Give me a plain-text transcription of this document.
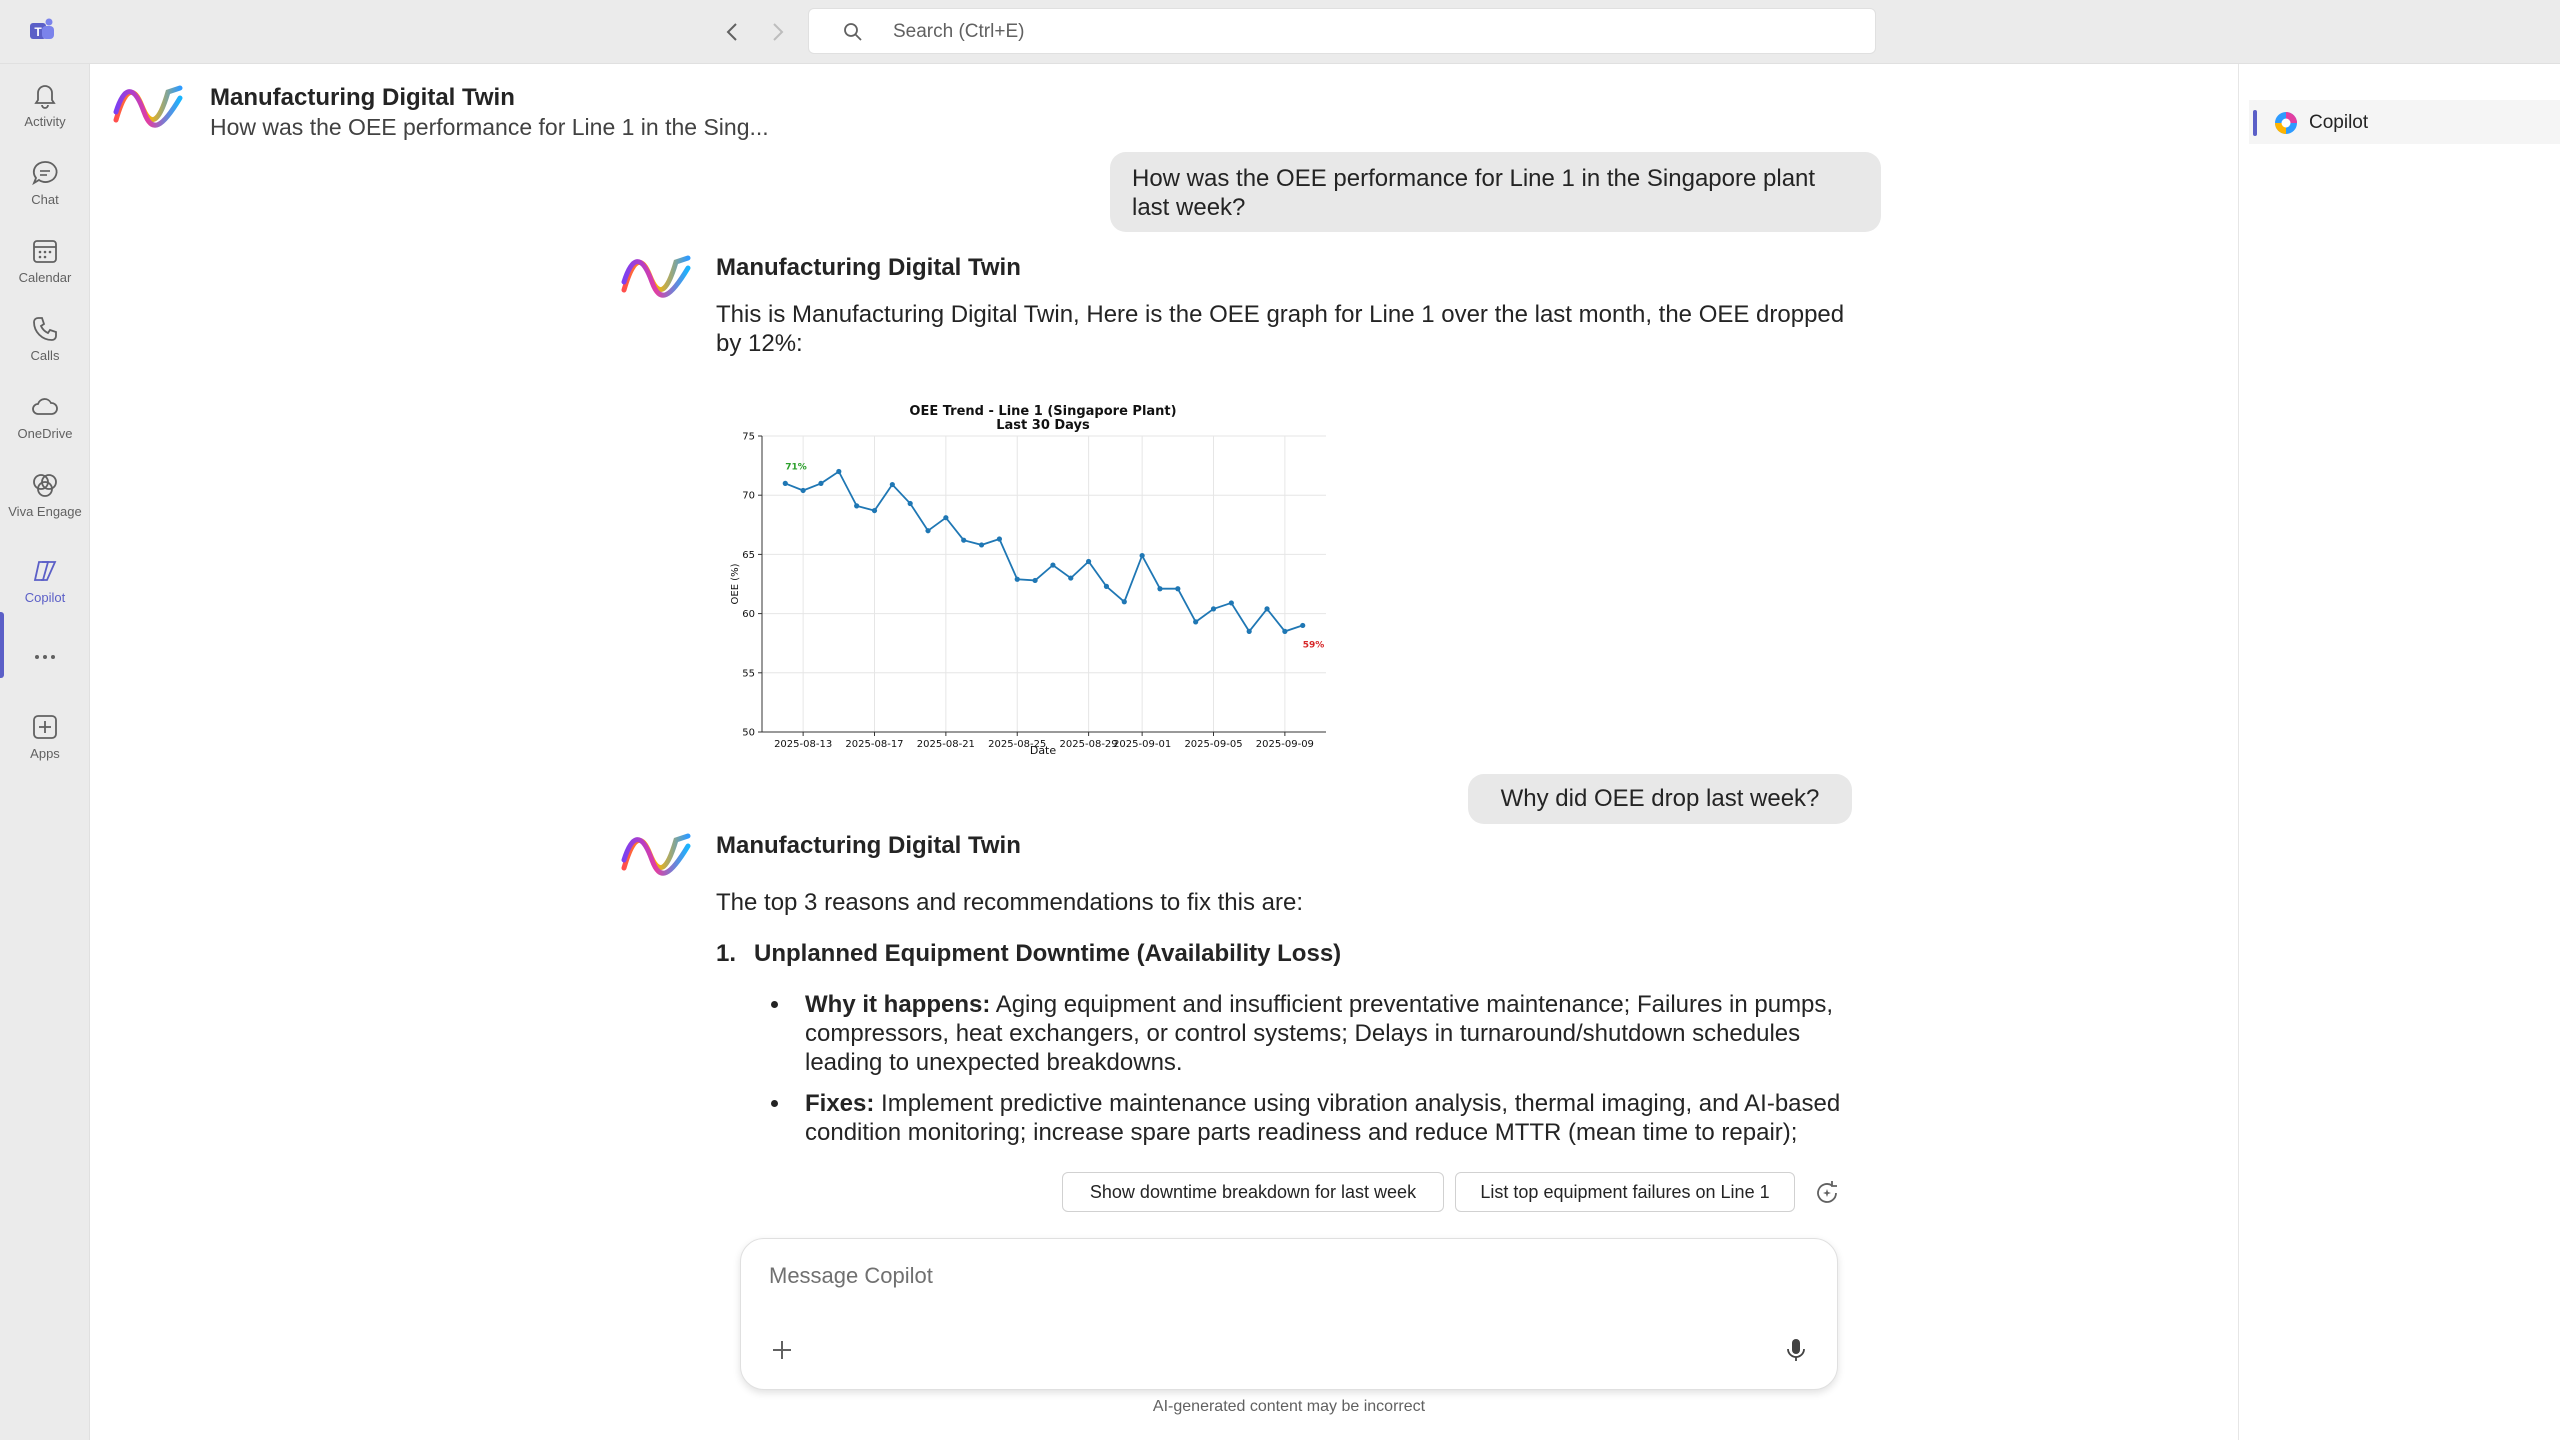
T	Search (Ctrl+E)
Activity
Chat
Calendar
Calls
OneDrive
Viva Engage
Copilot
Apps
Manufacturing Digital Twin
How was the OEE performance for Line 1 in the Sing...	Copilot
How was the OEE performance for Line 1 in the Singapore plant last week?
Manufacturing Digital Twin
This is Manufacturing Digital Twin, Here is the OEE graph for Line 1 over the last month, the OEE dropped by 12%:
OEE Trend - Line 1 (Singapore Plant)
Last 30 Days
50
55
60
65
70
75
2025-08-13 2025-08-17 2025-08-21 2025-08-25 2025-08-29
2025-09-01 2025-09-05 2025-09-09
Date
OEE (%)
71%
59%
Why did OEE drop last week?
Manufacturing Digital Twin
The top 3 reasons and recommendations to fix this are:
1. Unplanned Equipment Downtime (Availability Loss)
Why it happens: Aging equipment and insufficient preventative maintenance; Failures in pumps, compressors, heat exchangers, or control systems; Delays in turnaround/shutdown schedules leading to unexpected breakdowns.
Fixes: Implement predictive maintenance using vibration analysis, thermal imaging, and AI-based condition monitoring; increase spare parts readiness and reduce MTTR (mean time to repair);
Show downtime breakdown for last week	List top equipment failures on Line 1
Message Copilot
AI-generated content may be incorrect
